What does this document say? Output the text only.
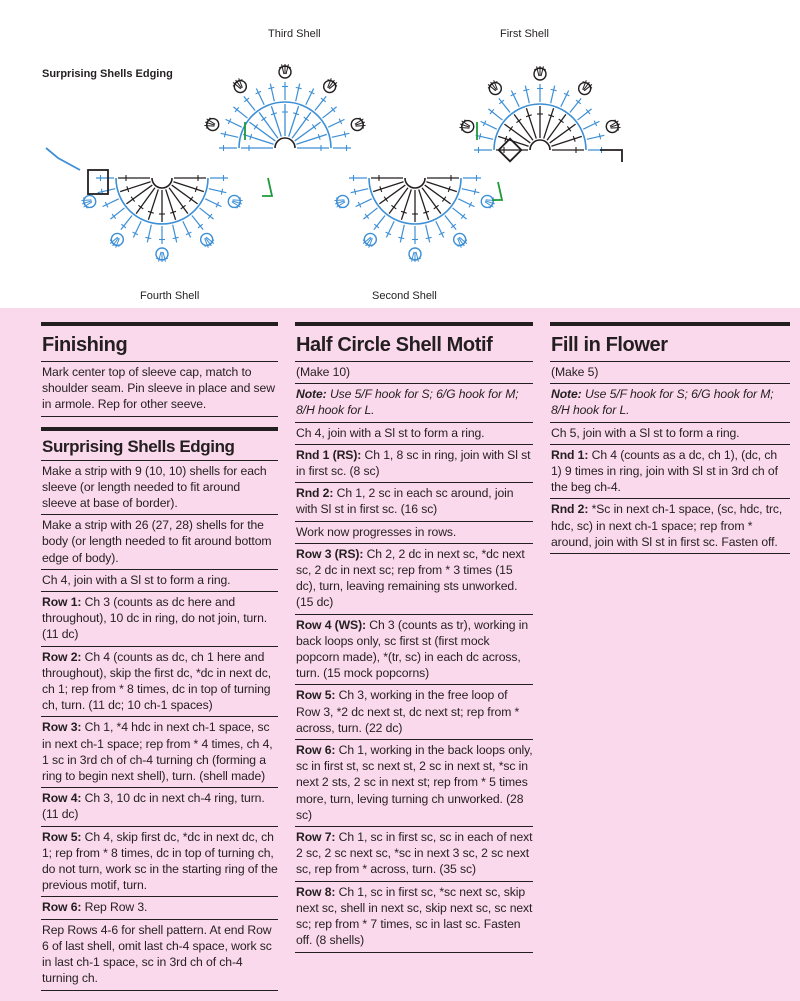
Surprising Shells Edging
Third Shell	First Shell
Fourth Shell	Second Shell
Finishing

Mark center top of sleeve cap, match to shoulder seam. Pin sleeve in place and sew in armole. Rep for other seeve.

Surprising Shells Edging

Make a strip with 9 (10, 10) shells for each sleeve (or length needed to fit around sleeve at base of border).

Make a strip with 26 (27, 28) shells for the body (or length needed to fit around bottom edge of body).

Ch 4, join with a Sl st to form a ring.

Row 1: Ch 3 (counts as dc here and throughout), 10 dc in ring, do not join, turn. (11 dc)

Row 2: Ch 4 (counts as dc, ch 1 here and throughout), skip the first dc, *dc in next dc, ch 1; rep from * 8 times, dc in top of turning ch, turn. (11 dc; 10 ch-1 spaces)

Row 3: Ch 1, *4 hdc in next ch-1 space, sc in next ch-1 space; rep from * 4 times, ch 4, 1 sc in 3rd ch of ch-4 turning ch (forming a ring to begin next shell), turn. (shell made)

Row 4: Ch 3, 10 dc in next ch-4 ring, turn. (11 dc)

Row 5: Ch 4, skip first dc, *dc in next dc, ch 1; rep from * 8 times, dc in top of turning ch, do not turn, work sc in the starting ring of the previous motif, turn.

Row 6: Rep Row 3.

Rep Rows 4-6 for shell pattern. At end Row 6 of last shell, omit last ch-4 space, work sc in last ch-1 space, sc in 3rd ch of ch-4 turning ch.

Half Circle Shell Motif

(Make 10)

Note: Use 5/F hook for S; 6/G hook for M; 8/H hook for L.

Ch 4, join with a Sl st to form a ring.

Rnd 1 (RS): Ch 1, 8 sc in ring, join with Sl st in first sc. (8 sc)

Rnd 2: Ch 1, 2 sc in each sc around, join with Sl st in first sc. (16 sc)

Work now progresses in rows.

Row 3 (RS): Ch 2, 2 dc in next sc, *dc next sc, 2 dc in next sc; rep from * 3 times (15 dc), turn, leaving remaining sts unworked. (15 dc)

Row 4 (WS): Ch 3 (counts as tr), working in back loops only, sc first st (first mock popcorn made), *(tr, sc) in each dc across, turn. (15 mock popcorns)

Row 5: Ch 3, working in the free loop of Row 3, *2 dc next st, dc next st; rep from * across, turn. (22 dc)

Row 6: Ch 1, working in the back loops only, sc in first st, sc next st, 2 sc in next st, *sc in next 2 sts, 2 sc in next st; rep from * 5 times more, turn, leving turning ch unworked. (28 sc)

Row 7: Ch 1, sc in first sc, sc in each of next 2 sc, 2 sc next sc, *sc in next 3 sc, 2 sc next sc, rep from * across, turn. (35 sc)

Row 8: Ch 1, sc in first sc, *sc next sc, skip next sc, shell in next sc, skip next sc, sc next sc; rep from * 7 times, sc in last sc. Fasten off. (8 shells)

Fill in Flower

(Make 5)

Note: Use 5/F hook for S; 6/G hook for M; 8/H hook for L.

Ch 5, join with a Sl st to form a ring.

Rnd 1: Ch 4 (counts as a dc, ch 1), (dc, ch 1) 9 times in ring, join with Sl st in 3rd ch of the beg ch-4.

Rnd 2: *Sc in next ch-1 space, (sc, hdc, trc, hdc, sc) in next ch-1 space; rep from * around, join with Sl st in first sc. Fasten off.
